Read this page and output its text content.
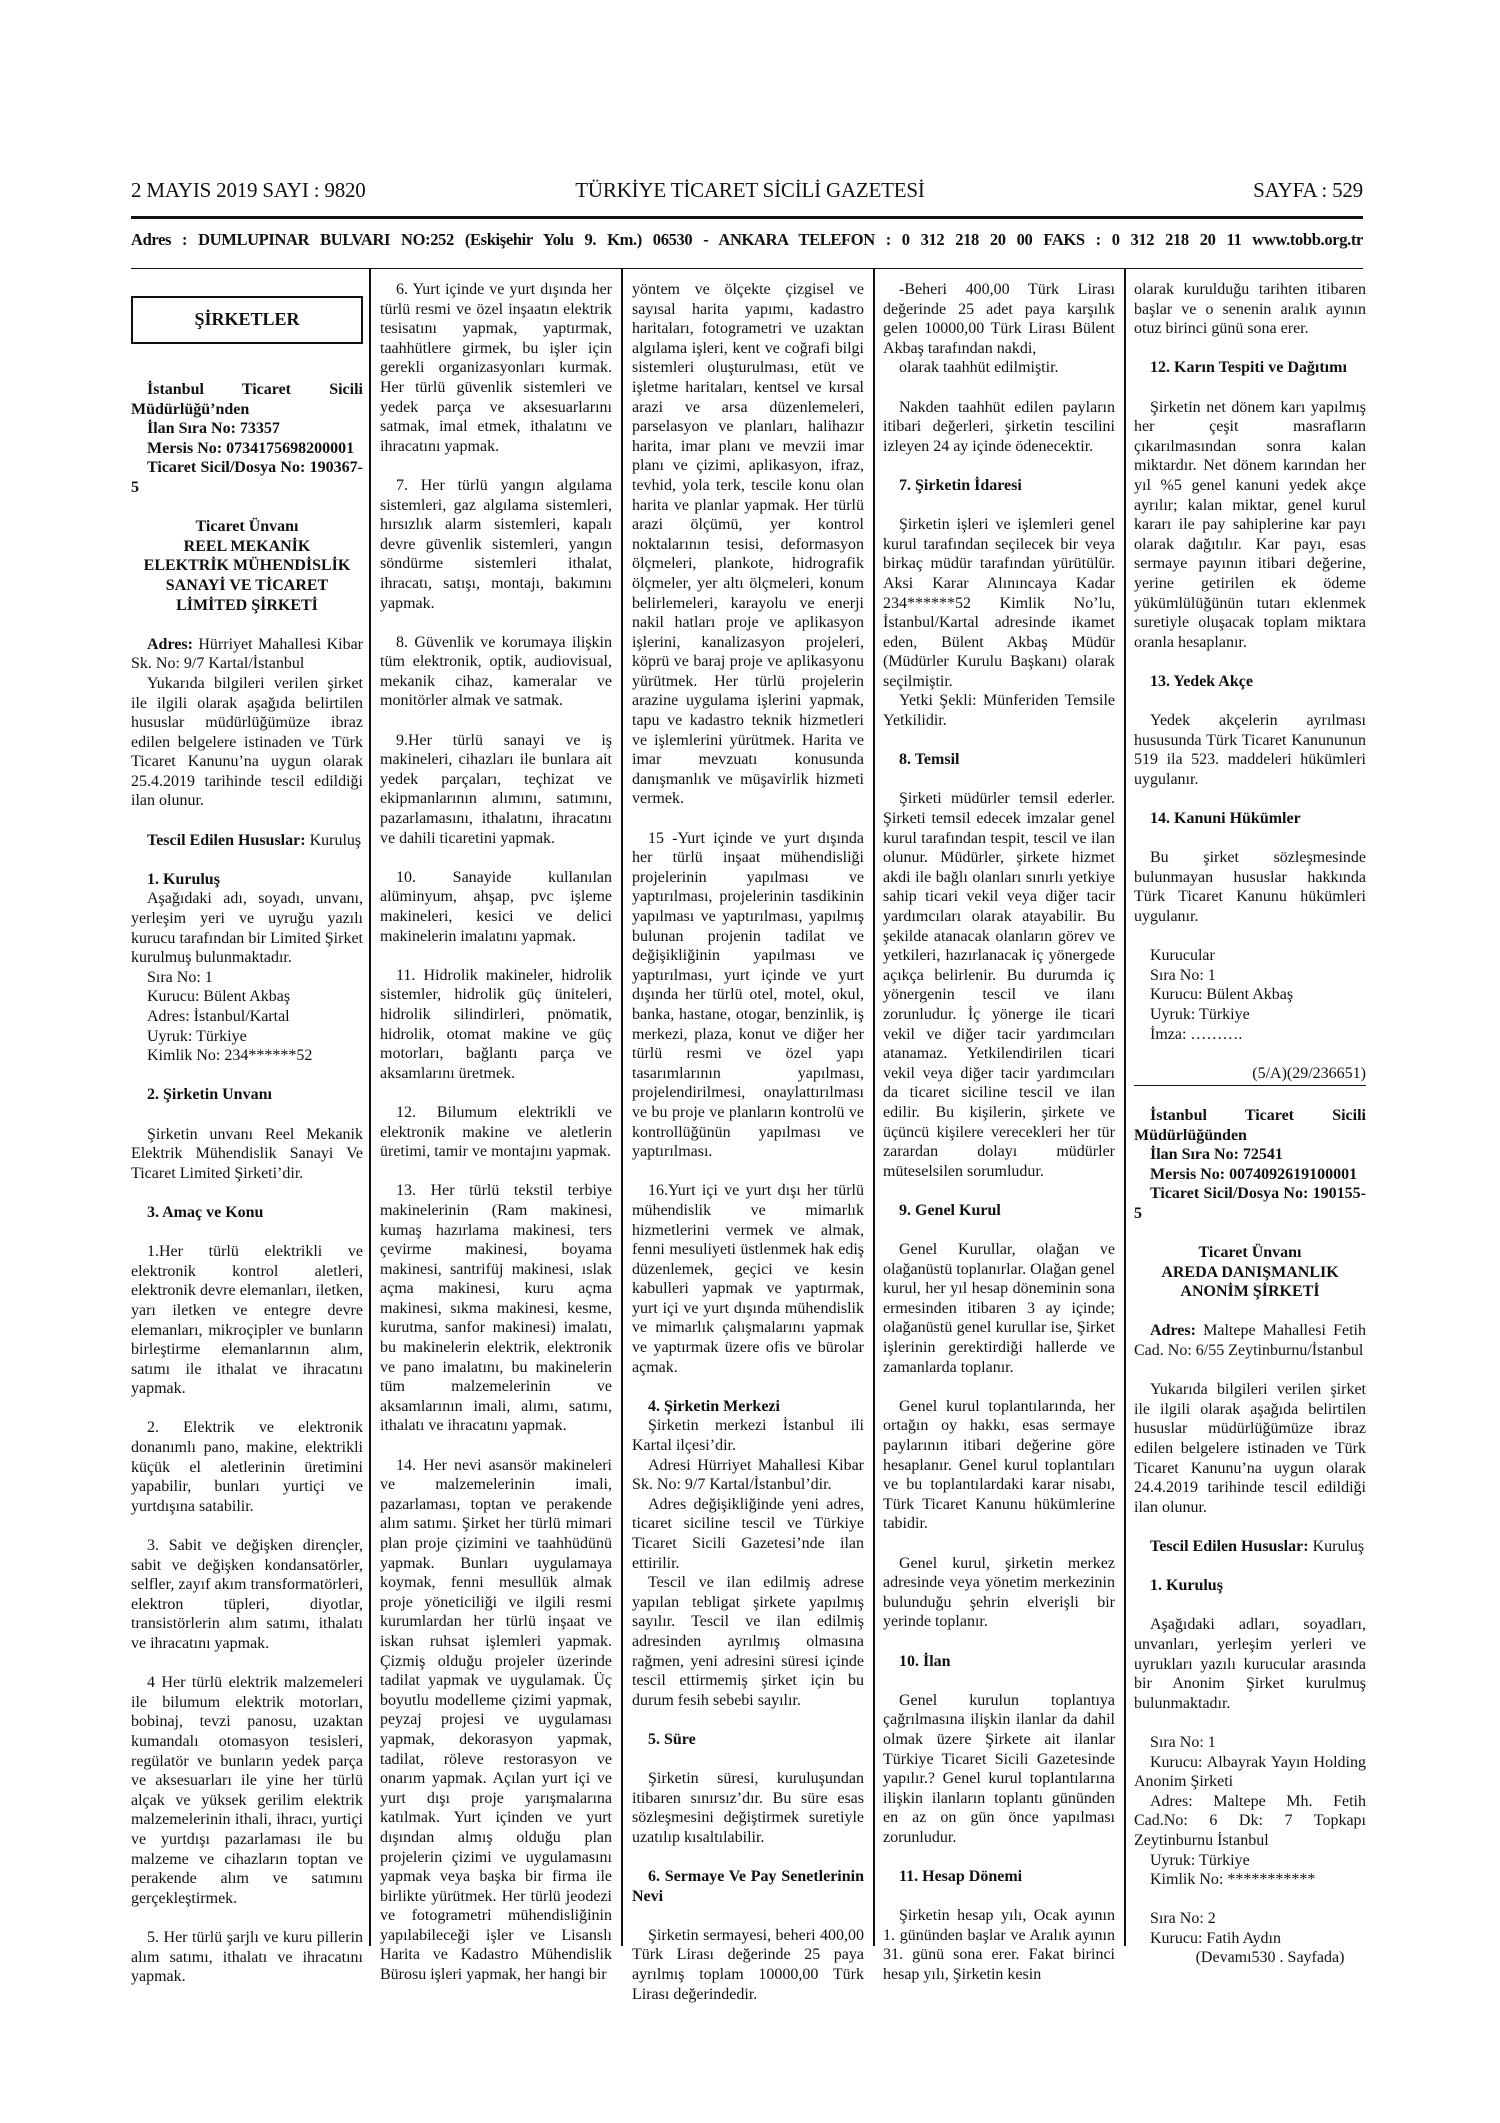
2 MAYIS 2019 SAYI : 9820	TÜRKİYE TİCARET SİCİLİ GAZETESİ	SAYFA : 529
Adres : DUMLUPINAR BULVARI NO:252 (Eskişehir Yolu 9. Km.) 06530 - ANKARA TELEFON : 0 312 218 20 00 FAKS : 0 312 218 20 11 www.tobb.org.tr
ŞİRKETLER
İstanbul Ticaret Sicili Müdürlüğü’nden
İlan Sıra No: 73357
Mersis No: 0734175698200001
Ticaret Sicil/Dosya No: 190367-5
Ticaret Ünvanı
REEL MEKANİK
ELEKTRİK MÜHENDİSLİK
SANAYİ VE TİCARET
LİMİTED ŞİRKETİ
Adres: Hürriyet Mahallesi Kibar Sk. No: 9/7 Kartal/İstanbul
Yukarıda bilgileri verilen şirket ile ilgili olarak aşağıda belirtilen hususlar müdürlüğümüze ibraz edilen belgelere istinaden ve Türk Ticaret Kanunu’na uygun olarak 25.4.2019 tarihinde tescil edildiği ilan olunur.
Tescil Edilen Hususlar: Kuruluş
1. Kuruluş
Aşağıdaki adı, soyadı, unvanı, yerleşim yeri ve uyruğu yazılı kurucu tarafından bir Limited Şirket kurulmuş bulunmaktadır.
Sıra No: 1
Kurucu: Bülent Akbaş
Adres: İstanbul/Kartal
Uyruk: Türkiye
Kimlik No: 234******52
2. Şirketin Unvanı
Şirketin unvanı Reel Mekanik Elektrik Mühendislik Sanayi Ve Ticaret Limited Şirketi’dir.
3. Amaç ve Konu
1.Her türlü elektrikli ve elektronik kontrol aletleri, elektronik devre elemanları, iletken, yarı iletken ve entegre devre elemanları, mikroçipler ve bunların birleştirme elemanlarının alım, satımı ile ithalat ve ihracatını yapmak.
2. Elektrik ve elektronik donanımlı pano, makine, elektrikli küçük el aletlerinin üretimini yapabilir, bunları yurtiçi ve yurtdışına satabilir.
3. Sabit ve değişken dirençler, sabit ve değişken kondansatörler, selfler, zayıf akım transformatörleri, elektron tüpleri, diyotlar, transistörlerin alım satımı, ithalatı ve ihracatını yapmak.
4 Her türlü elektrik malzemeleri ile bilumum elektrik motorları, bobinaj, tevzi panosu, uzaktan kumandalı otomasyon tesisleri, regülatör ve bunların yedek parça ve aksesuarları ile yine her türlü alçak ve yüksek gerilim elektrik malzemelerinin ithali, ihracı, yurtiçi ve yurtdışı pazarlaması ile bu malzeme ve cihazların toptan ve perakende alım ve satımını gerçekleştirmek.
5. Her türlü şarjlı ve kuru pillerin alım satımı, ithalatı ve ihracatını yapmak.
6. Yurt içinde ve yurt dışında her türlü resmi ve özel inşaatın elektrik tesisatını yapmak, yaptırmak, taahhütlere girmek, bu işler için gerekli organizasyonları kurmak. Her türlü güvenlik sistemleri ve yedek parça ve aksesuarlarını satmak, imal etmek, ithalatını ve ihracatını yapmak.
7. Her türlü yangın algılama sistemleri, gaz algılama sistemleri, hırsızlık alarm sistemleri, kapalı devre güvenlik sistemleri, yangın söndürme sistemleri ithalat, ihracatı, satışı, montajı, bakımını yapmak.
8. Güvenlik ve korumaya ilişkin tüm elektronik, optik, audiovisual, mekanik cihaz, kameralar ve monitörler almak ve satmak.
9.Her türlü sanayi ve iş makineleri, cihazları ile bunlara ait yedek parçaları, teçhizat ve ekipmanlarının alımını, satımını, pazarlamasını, ithalatını, ihracatını ve dahili ticaretini yapmak.
10. Sanayide kullanılan alüminyum, ahşap, pvc işleme makineleri, kesici ve delici makinelerin imalatını yapmak.
11. Hidrolik makineler, hidrolik sistemler, hidrolik güç üniteleri, hidrolik silindirleri, pnömatik, hidrolik, otomat makine ve güç motorları, bağlantı parça ve aksamlarını üretmek.
12. Bilumum elektrikli ve elektronik makine ve aletlerin üretimi, tamir ve montajını yapmak.
13. Her türlü tekstil terbiye makinelerinin (Ram makinesi, kumaş hazırlama makinesi, ters çevirme makinesi, boyama makinesi, santrifüj makinesi, ıslak açma makinesi, kuru açma makinesi, sıkma makinesi, kesme, kurutma, sanfor makinesi) imalatı, bu makinelerin elektrik, elektronik ve pano imalatını, bu makinelerin tüm malzemelerinin ve aksamlarının imali, alımı, satımı, ithalatı ve ihracatını yapmak.
14. Her nevi asansör makineleri ve malzemelerinin imali, pazarlaması, toptan ve perakende alım satımı. Şirket her türlü mimari plan proje çizimini ve taahhüdünü yapmak. Bunları uygulamaya koymak, fenni mesullük almak proje yöneticiliği ve ilgili resmi kurumlardan her türlü inşaat ve iskan ruhsat işlemleri yapmak. Çizmiş olduğu projeler üzerinde tadilat yapmak ve uygulamak. Üç boyutlu modelleme çizimi yapmak, peyzaj projesi ve uygulaması yapmak, dekorasyon yapmak, tadilat, röleve restorasyon ve onarım yapmak. Açılan yurt içi ve yurt dışı proje yarışmalarına katılmak. Yurt içinden ve yurt dışından almış olduğu plan projelerin çizimi ve uygulamasını yapmak veya başka bir firma ile birlikte yürütmek. Her türlü jeodezi ve fotogrametri mühendisliğinin yapılabileceği işler ve Lisanslı Harita ve Kadastro Mühendislik Bürosu işleri yapmak, her hangi bir
yöntem ve ölçekte çizgisel ve sayısal harita yapımı, kadastro haritaları, fotogrametri ve uzaktan algılama işleri, kent ve coğrafi bilgi sistemleri oluşturulması, etüt ve işletme haritaları, kentsel ve kırsal arazi ve arsa düzenlemeleri, parselasyon ve planları, halihazır harita, imar planı ve mevzii imar planı ve çizimi, aplikasyon, ifraz, tevhid, yola terk, tescile konu olan harita ve planlar yapmak. Her türlü arazi ölçümü, yer kontrol noktalarının tesisi, deformasyon ölçmeleri, plankote, hidrografik ölçmeler, yer altı ölçmeleri, konum belirlemeleri, karayolu ve enerji nakil hatları proje ve aplikasyon işlerini, kanalizasyon projeleri, köprü ve baraj proje ve aplikasyonu yürütmek. Her türlü projelerin arazine uygulama işlerini yapmak, tapu ve kadastro teknik hizmetleri ve işlemlerini yürütmek. Harita ve imar mevzuatı konusunda danışmanlık ve müşavirlik hizmeti vermek.
15 -Yurt içinde ve yurt dışında her türlü inşaat mühendisliği projelerinin yapılması ve yaptırılması, projelerinin tasdikinin yapılması ve yaptırılması, yapılmış bulunan projenin tadilat ve değişikliğinin yapılması ve yaptırılması, yurt içinde ve yurt dışında her türlü otel, motel, okul, banka, hastane, otogar, benzinlik, iş merkezi, plaza, konut ve diğer her türlü resmi ve özel yapı tasarımlarının yapılması, projelendirilmesi, onaylattırılması ve bu proje ve planların kontrolü ve kontrollüğünün yapılması ve yaptırılması.
16.Yurt içi ve yurt dışı her türlü mühendislik ve mimarlık hizmetlerini vermek ve almak, fenni mesuliyeti üstlenmek hak ediş düzenlemek, geçici ve kesin kabulleri yapmak ve yaptırmak, yurt içi ve yurt dışında mühendislik ve mimarlık çalışmalarını yapmak ve yaptırmak üzere ofis ve bürolar açmak.
4. Şirketin Merkezi
Şirketin merkezi İstanbul ili Kartal ilçesi’dir.
Adresi Hürriyet Mahallesi Kibar Sk. No: 9/7 Kartal/İstanbul’dir.
Adres değişikliğinde yeni adres, ticaret siciline tescil ve Türkiye Ticaret Sicili Gazetesi’nde ilan ettirilir.
Tescil ve ilan edilmiş adrese yapılan tebligat şirkete yapılmış sayılır. Tescil ve ilan edilmiş adresinden ayrılmış olmasına rağmen, yeni adresini süresi içinde tescil ettirmemiş şirket için bu durum fesih sebebi sayılır.
5. Süre
Şirketin süresi, kuruluşundan itibaren sınırsız’dır. Bu süre esas sözleşmesini değiştirmek suretiyle uzatılıp kısaltılabilir.
6. Sermaye Ve Pay Senetlerinin Nevi
Şirketin sermayesi, beheri 400,00 Türk Lirası değerinde 25 paya ayrılmış toplam 10000,00 Türk Lirası değerindedir.
-Beheri 400,00 Türk Lirası değerinde 25 adet paya karşılık gelen 10000,00 Türk Lirası Bülent Akbaş tarafından nakdi,
olarak taahhüt edilmiştir.
Nakden taahhüt edilen payların itibari değerleri, şirketin tescilini izleyen 24 ay içinde ödenecektir.
7. Şirketin İdaresi
Şirketin işleri ve işlemleri genel kurul tarafından seçilecek bir veya birkaç müdür tarafından yürütülür. Aksi Karar Alınıncaya Kadar 234******52 Kimlik No’lu, İstanbul/Kartal adresinde ikamet eden, Bülent Akbaş Müdür (Müdürler Kurulu Başkanı) olarak seçilmiştir.
Yetki Şekli: Münferiden Temsile Yetkilidir.
8. Temsil
Şirketi müdürler temsil ederler. Şirketi temsil edecek imzalar genel kurul tarafından tespit, tescil ve ilan olunur. Müdürler, şirkete hizmet akdi ile bağlı olanları sınırlı yetkiye sahip ticari vekil veya diğer tacir yardımcıları olarak atayabilir. Bu şekilde atanacak olanların görev ve yetkileri, hazırlanacak iç yönergede açıkça belirlenir. Bu durumda iç yönergenin tescil ve ilanı zorunludur. İç yönerge ile ticari vekil ve diğer tacir yardımcıları atanamaz. Yetkilendirilen ticari vekil veya diğer tacir yardımcıları da ticaret siciline tescil ve ilan edilir. Bu kişilerin, şirkete ve üçüncü kişilere verecekleri her tür zarardan dolayı müdürler müteselsilen sorumludur.
9. Genel Kurul
Genel Kurullar, olağan ve olağanüstü toplanırlar. Olağan genel kurul, her yıl hesap döneminin sona ermesinden itibaren 3 ay içinde; olağanüstü genel kurullar ise, Şirket işlerinin gerektirdiği hallerde ve zamanlarda toplanır.
Genel kurul toplantılarında, her ortağın oy hakkı, esas sermaye paylarının itibari değerine göre hesaplanır. Genel kurul toplantıları ve bu toplantılardaki karar nisabı, Türk Ticaret Kanunu hükümlerine tabidir.
Genel kurul, şirketin merkez adresinde veya yönetim merkezinin bulunduğu şehrin elverişli bir yerinde toplanır.
10. İlan
Genel kurulun toplantıya çağrılmasına ilişkin ilanlar da dahil olmak üzere Şirkete ait ilanlar Türkiye Ticaret Sicili Gazetesinde yapılır.? Genel kurul toplantılarına ilişkin ilanların toplantı gününden en az on gün önce yapılması zorunludur.
11. Hesap Dönemi
Şirketin hesap yılı, Ocak ayının 1. gününden başlar ve Aralık ayının 31. günü sona erer. Fakat birinci hesap yılı, Şirketin kesin
olarak kurulduğu tarihten itibaren başlar ve o senenin aralık ayının otuz birinci günü sona erer.
12. Karın Tespiti ve Dağıtımı
Şirketin net dönem karı yapılmış her çeşit masrafların çıkarılmasından sonra kalan miktardır. Net dönem karından her yıl %5 genel kanuni yedek akçe ayrılır; kalan miktar, genel kurul kararı ile pay sahiplerine kar payı olarak dağıtılır. Kar payı, esas sermaye payının itibari değerine, yerine getirilen ek ödeme yükümlülüğünün tutarı eklenmek suretiyle oluşacak toplam miktara oranla hesaplanır.
13. Yedek Akçe
Yedek akçelerin ayrılması hususunda Türk Ticaret Kanununun 519 ila 523. maddeleri hükümleri uygulanır.
14. Kanuni Hükümler
Bu şirket sözleşmesinde bulunmayan hususlar hakkında Türk Ticaret Kanunu hükümleri uygulanır.
Kurucular
Sıra No: 1
Kurucu: Bülent Akbaş
Uyruk: Türkiye
İmza: ……….
(5/A)(29/236651)
İstanbul Ticaret Sicili Müdürlüğünden
İlan Sıra No: 72541
Mersis No: 0074092619100001
Ticaret Sicil/Dosya No: 190155-5
Ticaret Ünvanı
AREDA DANIŞMANLIK
ANONİM ŞİRKETİ
Adres: Maltepe Mahallesi Fetih Cad. No: 6/55 Zeytinburnu/İstanbul
Yukarıda bilgileri verilen şirket ile ilgili olarak aşağıda belirtilen hususlar müdürlüğümüze ibraz edilen belgelere istinaden ve Türk Ticaret Kanunu’na uygun olarak 24.4.2019 tarihinde tescil edildiği ilan olunur.
Tescil Edilen Hususlar: Kuruluş
1. Kuruluş
Aşağıdaki adları, soyadları, unvanları, yerleşim yerleri ve uyrukları yazılı kurucular arasında bir Anonim Şirket kurulmuş bulunmaktadır.
Sıra No: 1
Kurucu: Albayrak Yayın Holding Anonim Şirketi
Adres: Maltepe Mh. Fetih Cad.No: 6 Dk: 7 Topkapı Zeytinburnu İstanbul
Uyruk: Türkiye
Kimlik No: ***********
Sıra No: 2
Kurucu: Fatih Aydın
(Devamı530 . Sayfada)
